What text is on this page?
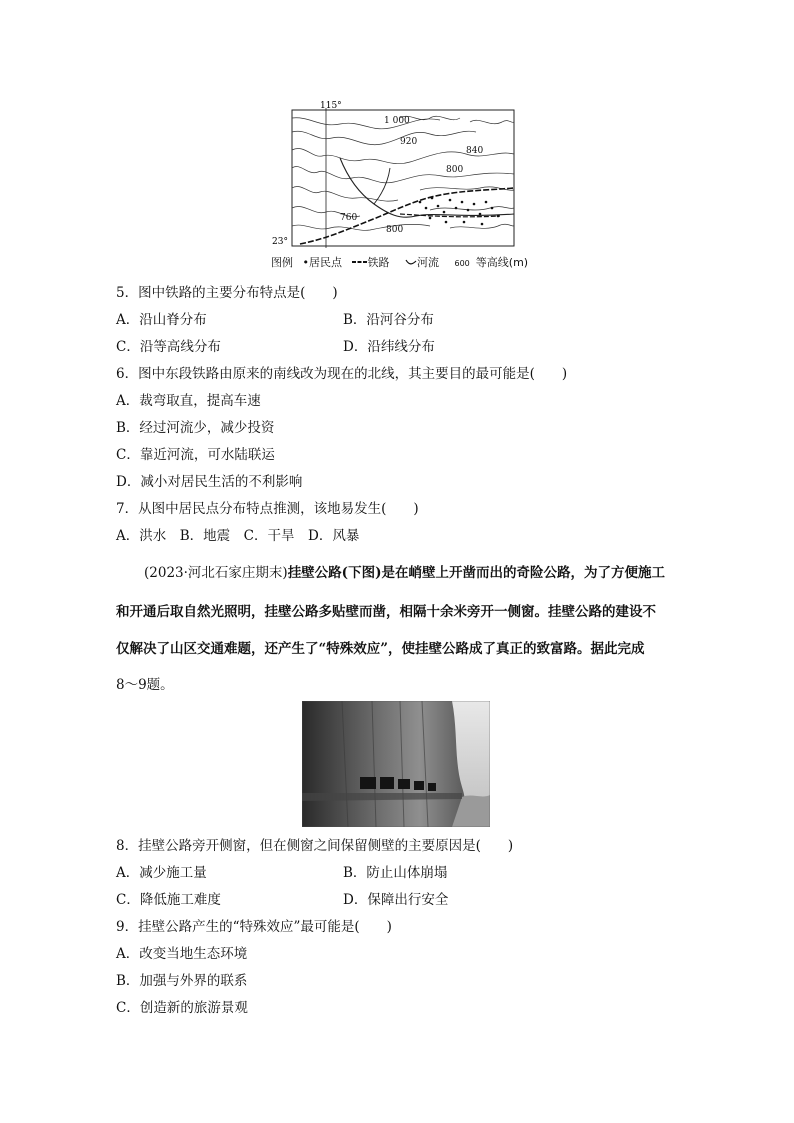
115°
23°
1 000
920
840
800
760
800
图例 •居民点 铁路	河流 600 等高线(m)
5．图中铁路的主要分布特点是(　　)
A．沿山脊分布	B．沿河谷分布
C．沿等高线分布	D．沿纬线分布
6．图中东段铁路由原来的南线改为现在的北线，其主要目的最可能是(　　)
A．裁弯取直，提高车速
B．经过河流少，减少投资
C．靠近河流，可水陆联运
D．减小对居民生活的不利影响
7．从图中居民点分布特点推测，该地易发生(　　)
A．洪水　B．地震　C．干旱　D．风暴
(2023·河北石家庄期末)挂壁公路(下图)是在峭壁上开凿而出的奇险公路，为了方便施工
和开通后取自然光照明，挂壁公路多贴壁而凿，相隔十余米旁开一侧窗。挂壁公路的建设不
仅解决了山区交通难题，还产生了“特殊效应”，使挂壁公路成了真正的致富路。据此完成
8～9题。
8．挂壁公路旁开侧窗，但在侧窗之间保留侧壁的主要原因是(　　)
A．减少施工量	B．防止山体崩塌
C．降低施工难度	D．保障出行安全
9．挂壁公路产生的“特殊效应”最可能是(　　)
A．改变当地生态环境
B．加强与外界的联系
C．创造新的旅游景观
